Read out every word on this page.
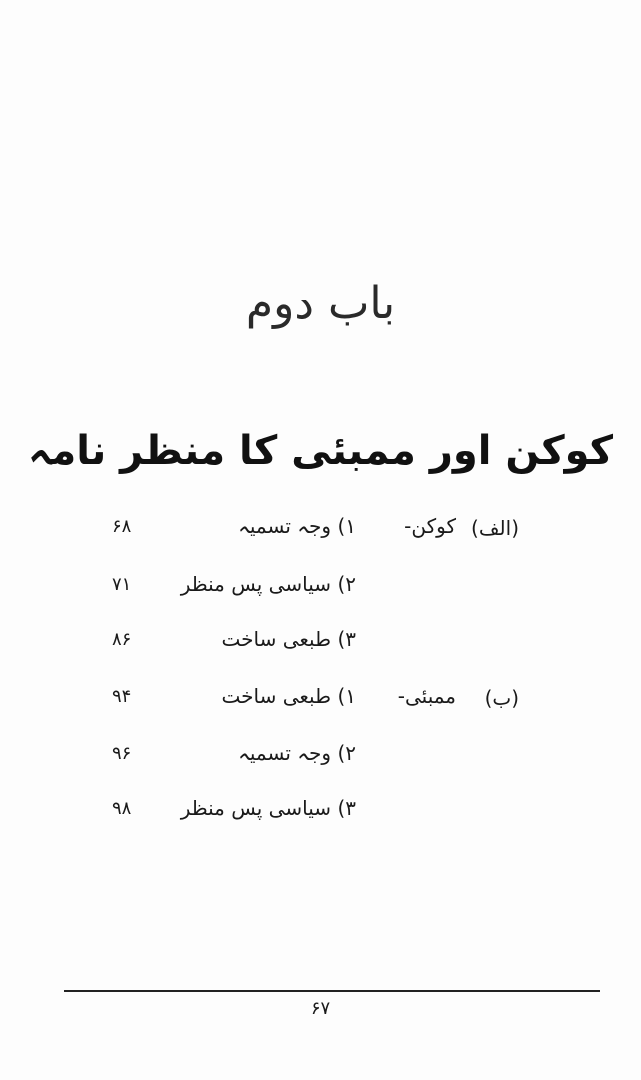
باب دوم
کوکن اور ممبئی کا منظر نامہ
(الف)
کوکن-
۱)
وجہ تسمیہ
۶۸
۲)
سیاسی پس منظر
۷۱
۳)
طبعی ساخت
۸۶
(ب)
ممبئی-
۱)
طبعی ساخت
۹۴
۲)
وجہ تسمیہ
۹۶
۳)
سیاسی پس منظر
۹۸
۶۷
